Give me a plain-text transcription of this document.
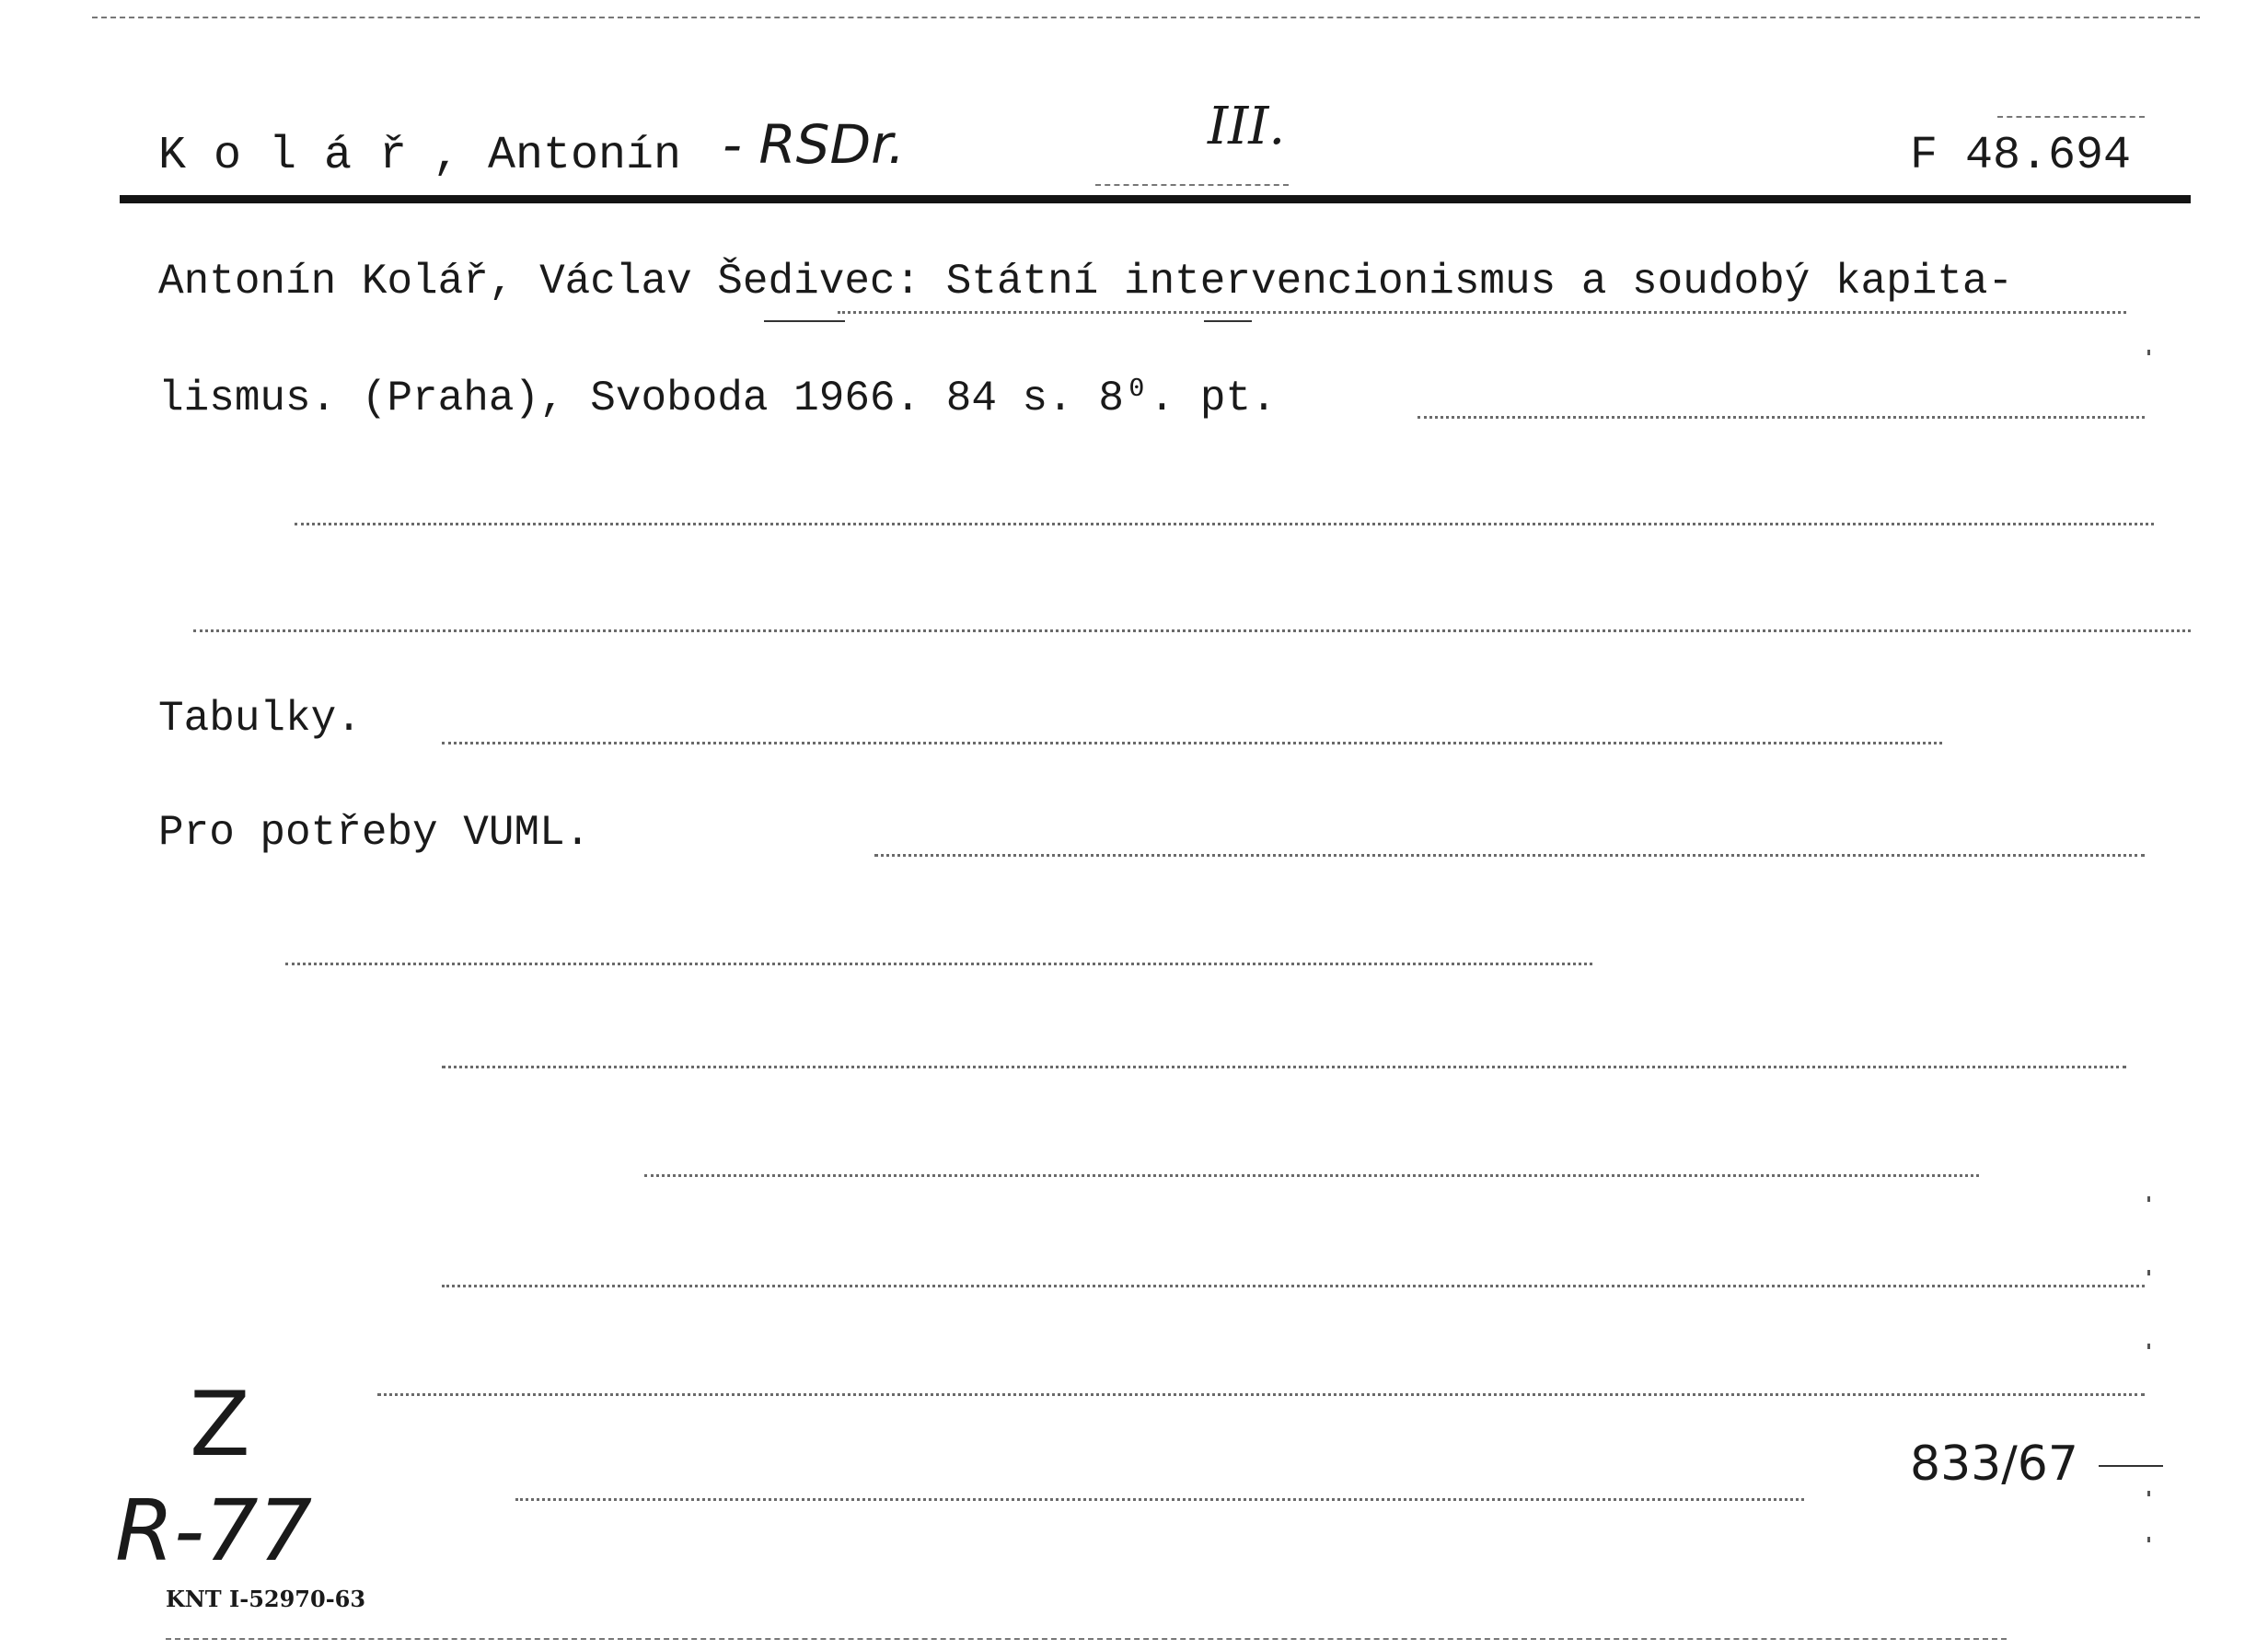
K o l á ř , Antonín - RSDr.	III.	F 48.694
Antonín Kolář, Václav Šedivec: Státní intervencionismus a soudobý kapita-
lismus. (Praha), Svoboda 1966. 84 s. 8⁰. pt.
Tabulky.
Pro potřeby VUML.
Z
R-77
833/67
KNT I-52970-63
